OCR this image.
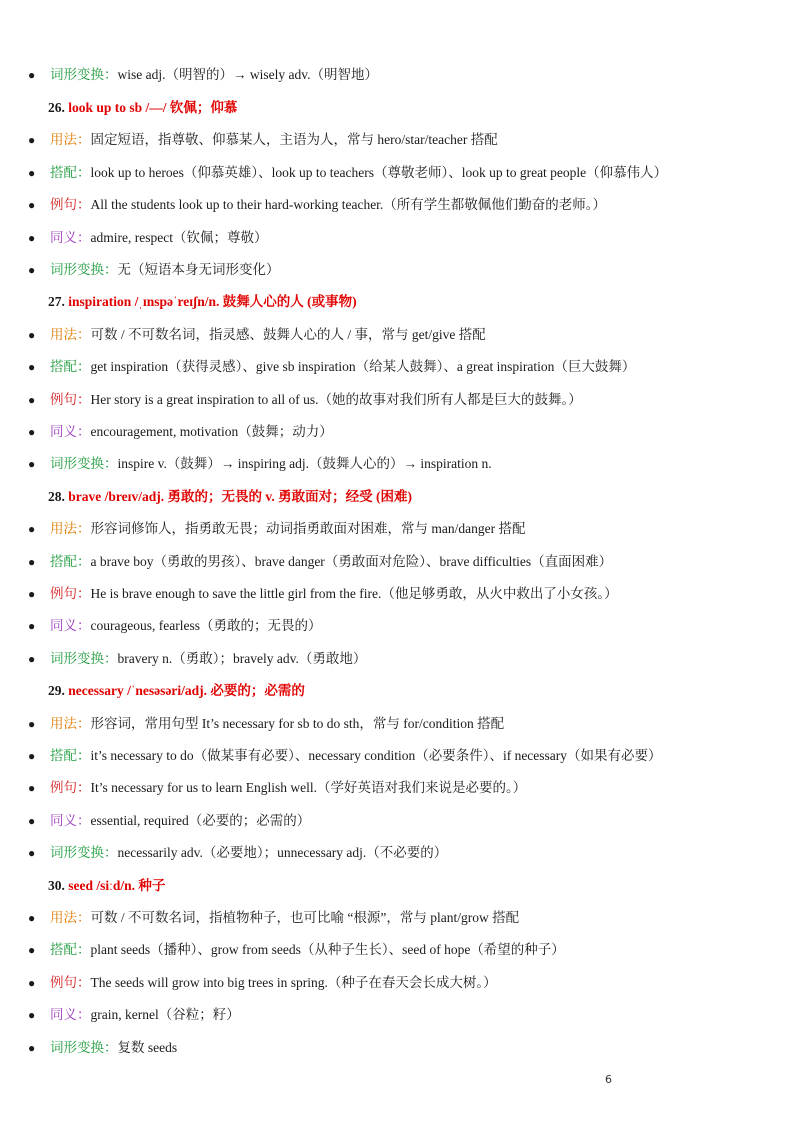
● 词形变换：wise adj.（明智的）→ wisely adv.（明智地）
26. look up to sb /—/ 钦佩；仰慕
● 用法：固定短语，指尊敬、仰慕某人，主语为人，常与 hero/star/teacher 搭配
● 搭配：look up to heroes（仰慕英雄）、look up to teachers（尊敬老师）、look up to great people（仰慕伟人）
● 例句：All the students look up to their hard-working teacher.（所有学生都敬佩他们勤奋的老师。）
● 同义：admire, respect（钦佩；尊敬）
● 词形变换：无（短语本身无词形变化）
27. inspiration /ˌɪnspəˈreɪʃn/n. 鼓舞人心的人 (或事物)
● 用法：可数 / 不可数名词，指灵感、鼓舞人心的人 / 事，常与 get/give 搭配
● 搭配：get inspiration（获得灵感）、give sb inspiration（给某人鼓舞）、a great inspiration（巨大鼓舞）
● 例句：Her story is a great inspiration to all of us.（她的故事对我们所有人都是巨大的鼓舞。）
● 同义：encouragement, motivation（鼓舞；动力）
● 词形变换：inspire v.（鼓舞）→ inspiring adj.（鼓舞人心的）→ inspiration n.
28. brave /breɪv/adj. 勇敢的；无畏的 v. 勇敢面对；经受 (困难)
● 用法：形容词修饰人，指勇敢无畏；动词指勇敢面对困难，常与 man/danger 搭配
● 搭配：a brave boy（勇敢的男孩）、brave danger（勇敢面对危险）、brave difficulties（直面困难）
● 例句：He is brave enough to save the little girl from the fire.（他足够勇敢，从火中救出了小女孩。）
● 同义：courageous, fearless（勇敢的；无畏的）
● 词形变换：bravery n.（勇敢）；bravely adv.（勇敢地）
29. necessary /ˈnesəsəri/adj. 必要的；必需的
● 用法：形容词，常用句型 It’s necessary for sb to do sth，常与 for/condition 搭配
● 搭配：it’s necessary to do（做某事有必要）、necessary condition（必要条件）、if necessary（如果有必要）
● 例句：It’s necessary for us to learn English well.（学好英语对我们来说是必要的。）
● 同义：essential, required（必要的；必需的）
● 词形变换：necessarily adv.（必要地）；unnecessary adj.（不必要的）
30. seed /siːd/n. 种子
● 用法：可数 / 不可数名词，指植物种子，也可比喻 “根源”，常与 plant/grow 搭配
● 搭配：plant seeds（播种）、grow from seeds（从种子生长）、seed of hope（希望的种子）
● 例句：The seeds will grow into big trees in spring.（种子在春天会长成大树。）
● 同义：grain, kernel（谷粒；籽）
● 词形变换：复数 seeds
6
